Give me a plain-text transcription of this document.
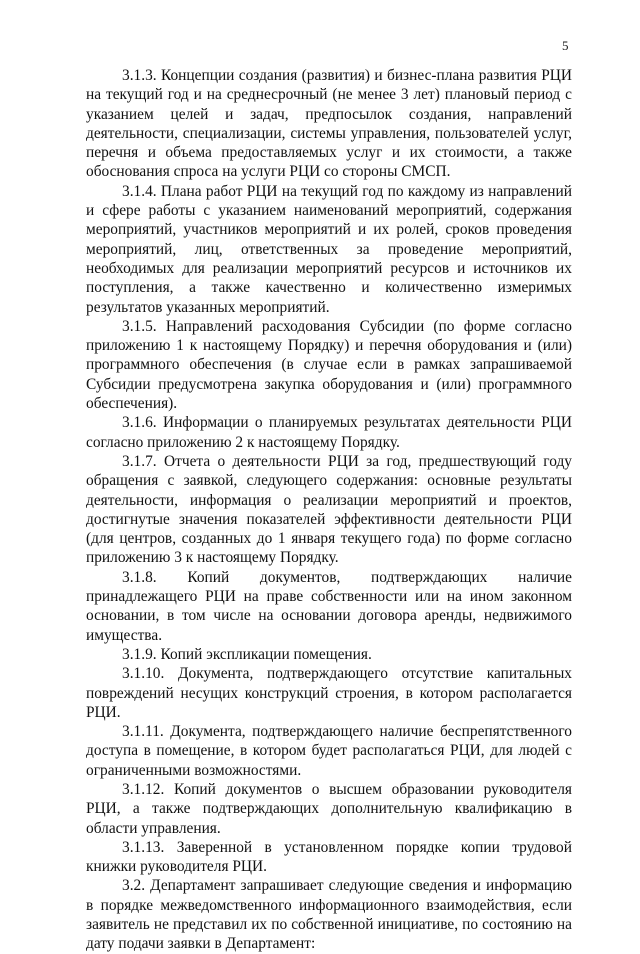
5

3.1.3. Концепции создания (развития) и бизнес-плана развития РЦИ на текущий год и на среднесрочный (не менее 3 лет) плановый период с указанием целей и задач, предпосылок создания, направлений деятельности, специализации, системы управления, пользователей услуг, перечня и объема предоставляемых услуг и их стоимости, а также обоснования спроса на услуги РЦИ со стороны СМСП.

3.1.4. Плана работ РЦИ на текущий год по каждому из направлений и сфере работы с указанием наименований мероприятий, содержания мероприятий, участников мероприятий и их ролей, сроков проведения мероприятий, лиц, ответственных за проведение мероприятий, необходимых для реализации мероприятий ресурсов и источников их поступления, а также качественно и количественно измеримых результатов указанных мероприятий.

3.1.5. Направлений расходования Субсидии (по форме согласно приложению 1 к настоящему Порядку) и перечня оборудования и (или) программного обеспечения (в случае если в рамках запрашиваемой Субсидии предусмотрена закупка оборудования и (или) программного обеспечения).

3.1.6. Информации о планируемых результатах деятельности РЦИ согласно приложению 2 к настоящему Порядку.

3.1.7. Отчета о деятельности РЦИ за год, предшествующий году обращения с заявкой, следующего содержания: основные результаты деятельности, информация о реализации мероприятий и проектов, достигнутые значения показателей эффективности деятельности РЦИ (для центров, созданных до 1 января текущего года) по форме согласно приложению 3 к настоящему Порядку.

3.1.8. Копий документов, подтверждающих наличие принадлежащего РЦИ на праве собственности или на ином законном основании, в том числе на основании договора аренды, недвижимого имущества.

3.1.9. Копий экспликации помещения.

3.1.10. Документа, подтверждающего отсутствие капитальных повреждений несущих конструкций строения, в котором располагается РЦИ.

3.1.11. Документа, подтверждающего наличие беспрепятственного доступа в помещение, в котором будет располагаться РЦИ, для людей с ограниченными возможностями.

3.1.12. Копий документов о высшем образовании руководителя РЦИ, а также подтверждающих дополнительную квалификацию в области управления.

3.1.13. Заверенной в установленном порядке копии трудовой книжки руководителя РЦИ.

3.2. Департамент запрашивает следующие сведения и информацию в порядке межведомственного информационного взаимодействия, если заявитель не представил их по собственной инициативе, по состоянию на дату подачи заявки в Департамент:
